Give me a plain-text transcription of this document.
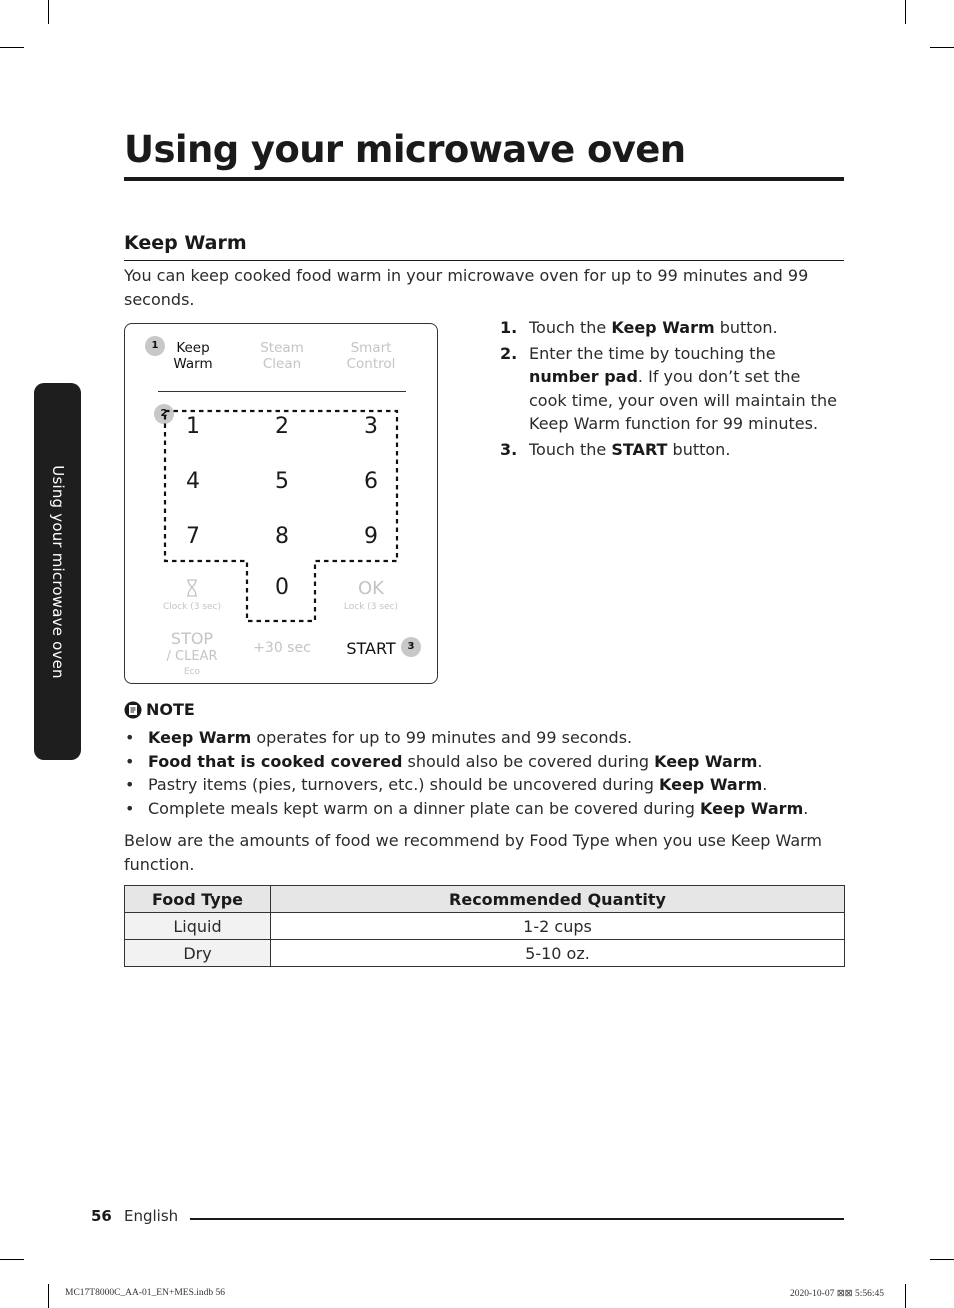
Using your microwave oven
Using your microwave oven
Keep Warm
You can keep cooked food warm in your microwave oven for up to 99 minutes and 99 seconds.
1	Keep
Warm
Steam
Clean
Smart
Control
2
1	2	3
4	5	6
7	8	9
0
Clock (3 sec)
OK
Lock (3 sec)
STOP
/ CLEAR
Eco
+30 sec	START	3
1. Touch the Keep Warm button.
2. Enter the time by touching the number pad. If you don’t set the cook time, your oven will maintain the Keep Warm function for 99 minutes.
3. Touch the START button.
NOTE
• Keep Warm operates for up to 99 minutes and 99 seconds.
• Food that is cooked covered should also be covered during Keep Warm.
• Pastry items (pies, turnovers, etc.) should be uncovered during Keep Warm.
• Complete meals kept warm on a dinner plate can be covered during Keep Warm.
Below are the amounts of food we recommend by Food Type when you use Keep Warm function.
Food Type	Recommended Quantity
Liquid	1-2 cups
Dry	5-10 oz.
56 English
MC17T8000C_AA-01_EN+MES.indb 56	2020-10-07 ⊠⊠ 5:56:45
